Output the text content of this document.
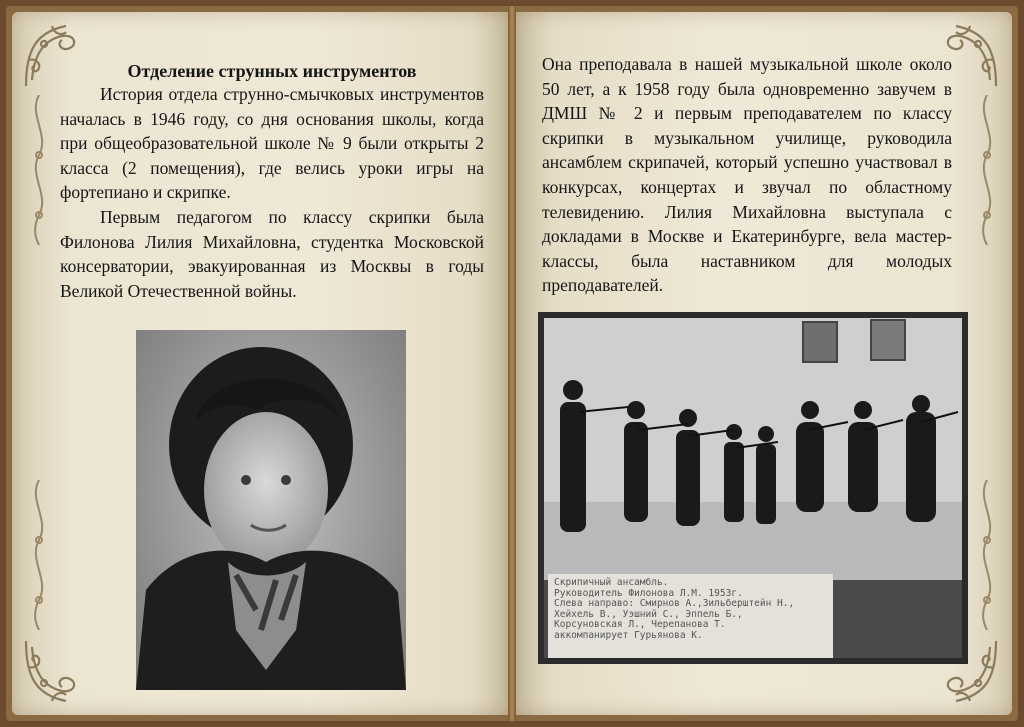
Отделение струнных инструментов

История отдела струнно-смычковых инструментов началась в 1946 году, со дня основания школы, когда при общеобразовательной школе № 9 были открыты 2 класса (2 помещения), где велись уроки игры на фортепиано и скрипке.

Первым педагогом по классу скрипки была Филонова Лилия Михайловна, студентка Московской консерватории, эвакуированная из Москвы в годы Великой Отечественной войны.

Она преподавала в нашей музыкальной школе около 50 лет, а к 1958 году была одновременно завучем в ДМШ № 2 и первым преподавателем по классу скрипки в музыкальном училище, руководила ансамблем скрипачей, который успешно участвовал в конкурсах, концертах и звучал по областному телевидению. Лилия Михайловна выступала с докладами в Москве и Екатеринбурге, вела мастер-классы, была наставником для молодых преподавателей.

Скрипичный ансамбль.
Руководитель Филонова Л.М. 1953г.
Слева направо: Смирнов А.,Зильберштейн Н.,
Хейхель В., Уэшний С., Эппель Б.,
Корсуновская Л., Черепанова Т.
аккомпанирует Гурьянова К.
